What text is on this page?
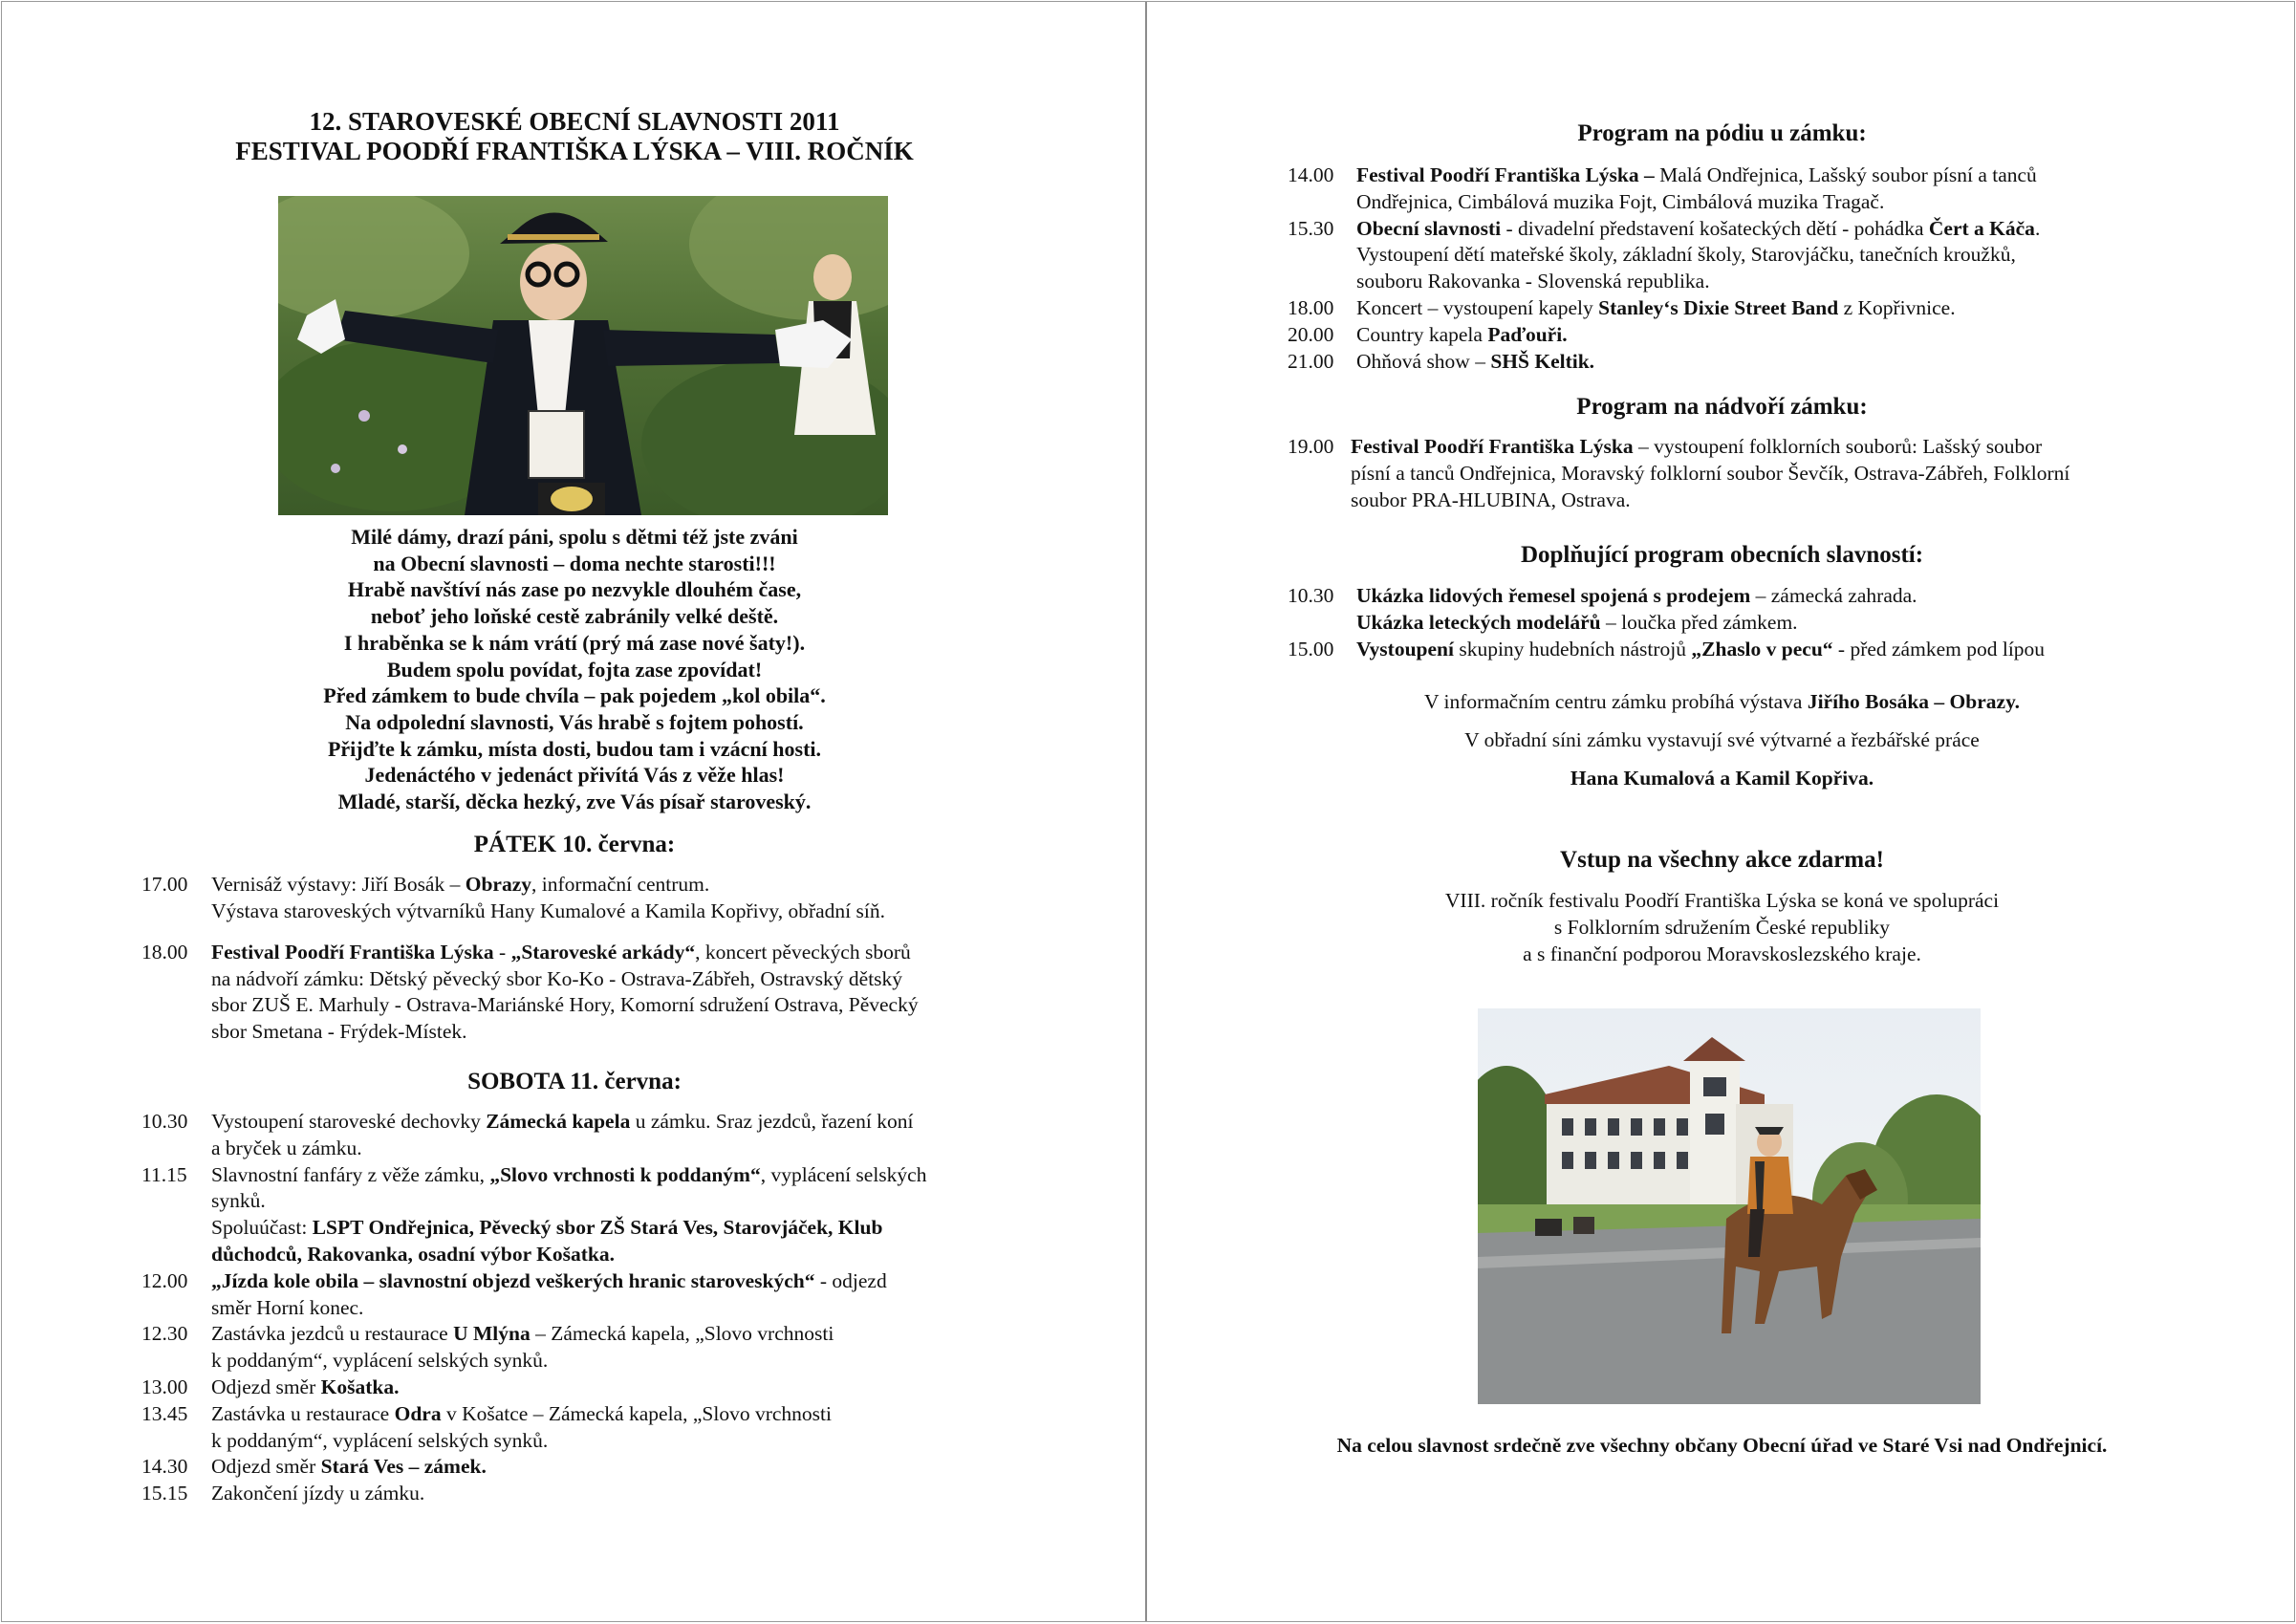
12. STAROVESKÉ OBECNÍ SLAVNOSTI 2011
FESTIVAL POODŘÍ FRANTIŠKA LÝSKA – VIII. ROČNÍK
Milé dámy, drazí páni, spolu s dětmi též jste zváni
na Obecní slavnosti – doma nechte starosti!!!
Hrabě navštíví nás zase po nezvykle dlouhém čase,
neboť jeho loňské cestě zabránily velké deště.
I hraběnka se k nám vrátí (prý má zase nové šaty!).
Budem spolu povídat, fojta zase zpovídat!
Před zámkem to bude chvíla – pak pojedem „kol obila“.
Na odpolední slavnosti, Vás hrabě s fojtem pohostí.
Přijďte k zámku, místa dosti, budou tam i vzácní hosti.
Jedenáctého v jedenáct přivítá Vás z věže hlas!
Mladé, starší, děcka hezký, zve Vás písař staroveský.
PÁTEK 10. června:
17.00	Vernisáž výstavy: Jiří Bosák – Obrazy, informační centrum.
Výstava staroveských výtvarníků Hany Kumalové a Kamila Kopřivy, obřadní síň.
18.00	Festival Poodří Františka Lýska - „Staroveské arkády“, koncert pěveckých sborů
na nádvoří zámku: Dětský pěvecký sbor Ko-Ko - Ostrava-Zábřeh, Ostravský dětský
sbor ZUŠ E. Marhuly - Ostrava-Mariánské Hory, Komorní sdružení Ostrava, Pěvecký
sbor Smetana - Frýdek-Místek.
SOBOTA 11. června:
10.30	Vystoupení staroveské dechovky Zámecká kapela u zámku. Sraz jezdců, řazení koní
a bryček u zámku.
11.15	Slavnostní fanfáry z věže zámku, „Slovo vrchnosti k poddaným“, vyplácení selských
synků.
Spoluúčast: LSPT Ondřejnica, Pěvecký sbor ZŠ Stará Ves, Starovjáček, Klub
důchodců, Rakovanka, osadní výbor Košatka.
12.00	„Jízda kole obila – slavnostní objezd veškerých hranic staroveských“ - odjezd
směr Horní konec.
12.30	Zastávka jezdců u restaurace U Mlýna – Zámecká kapela, „Slovo vrchnosti
k poddaným“, vyplácení selských synků.
13.00	Odjezd směr Košatka.
13.45	Zastávka u restaurace Odra v Košatce – Zámecká kapela, „Slovo vrchnosti
k poddaným“, vyplácení selských synků.
14.30	Odjezd směr Stará Ves – zámek.
15.15	Zakončení jízdy u zámku.
Program na pódiu u zámku:
14.00	Festival Poodří Františka Lýska – Malá Ondřejnica, Lašský soubor písní a tanců
Ondřejnica, Cimbálová muzika Fojt, Cimbálová muzika Tragač.
15.30	Obecní slavnosti - divadelní představení košateckých dětí - pohádka Čert a Káča.
Vystoupení dětí mateřské školy, základní školy, Starovjáčku, tanečních kroužků,
souboru Rakovanka - Slovenská republika.
18.00	Koncert – vystoupení kapely Stanley‘s Dixie Street Band z Kopřivnice.
20.00	Country kapela Paďouři.
21.00	Ohňová show – SHŠ Keltik.
Program na nádvoří zámku:
19.00 Festival Poodří Františka Lýska – vystoupení folklorních souborů: Lašský soubor
písní a tanců Ondřejnica, Moravský folklorní soubor Ševčík, Ostrava-Zábřeh, Folklorní
soubor PRA-HLUBINA, Ostrava.
Doplňující program obecních slavností:
10.30	Ukázka lidových řemesel spojená s prodejem – zámecká zahrada.
Ukázka leteckých modelářů – loučka před zámkem.
15.00	Vystoupení skupiny hudebních nástrojů „Zhaslo v pecu“ - před zámkem pod lípou
V informačním centru zámku probíhá výstava Jiřího Bosáka – Obrazy.
V obřadní síni zámku vystavují své výtvarné a řezbářské práce
Hana Kumalová a Kamil Kopřiva.
Vstup na všechny akce zdarma!
VIII. ročník festivalu Poodří Františka Lýska se koná ve spolupráci
s Folklorním sdružením České republiky
a s finanční podporou Moravskoslezského kraje.
Na celou slavnost srdečně zve všechny občany Obecní úřad ve Staré Vsi nad Ondřejnicí.
